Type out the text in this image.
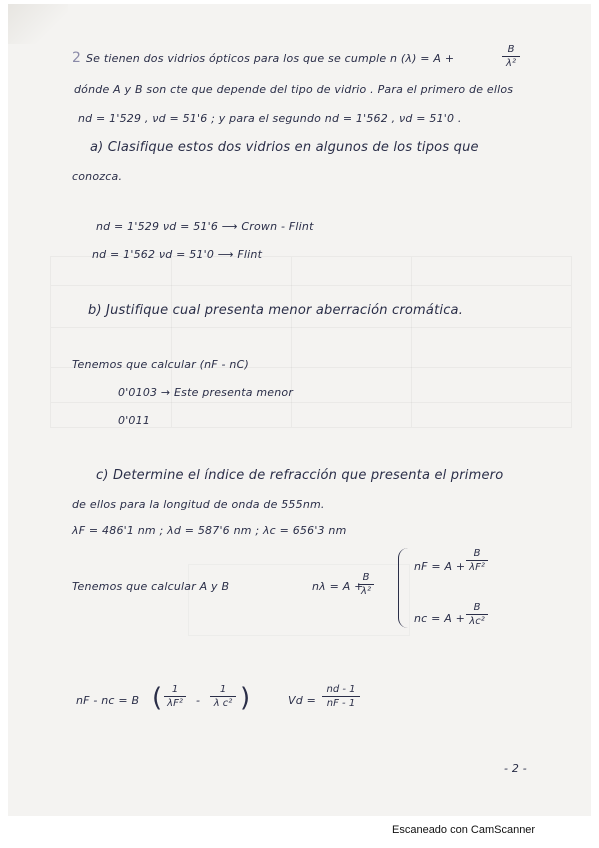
2 Se tienen dos vidrios ópticos para los que se cumple n (λ) = A +
B
λ²
dónde A y B son cte que depende del tipo de vidrio . Para el primero de ellos
nd = 1'529 , νd = 51'6 ; y para el segundo nd = 1'562 , νd = 51'0 .
a) Clasifique estos dos vidrios en algunos de los tipos que
conozca.
nd = 1'529 νd = 51'6 ⟶ Crown - Flint
nd = 1'562 νd = 51'0 ⟶ Flint
b) Justifique cual presenta menor aberración cromática.
Tenemos que calcular (nF - nC)
0'0103 → Este presenta menor
0'011
c) Determine el índice de refracción que presenta el primero
de ellos para la longitud de onda de 555nm.
λF = 486'1 nm ; λd = 587'6 nm ; λc = 656'3 nm
Tenemos que calcular A y B	nλ = A +
B
λ²
nF = A +
B
λF²
nc = A +
B
λc²
nF - nc = B ( 1
λF² -
1
λ c² )	Vd =
nd - 1
nF - 1
- 2 -
Escaneado con CamScanner
